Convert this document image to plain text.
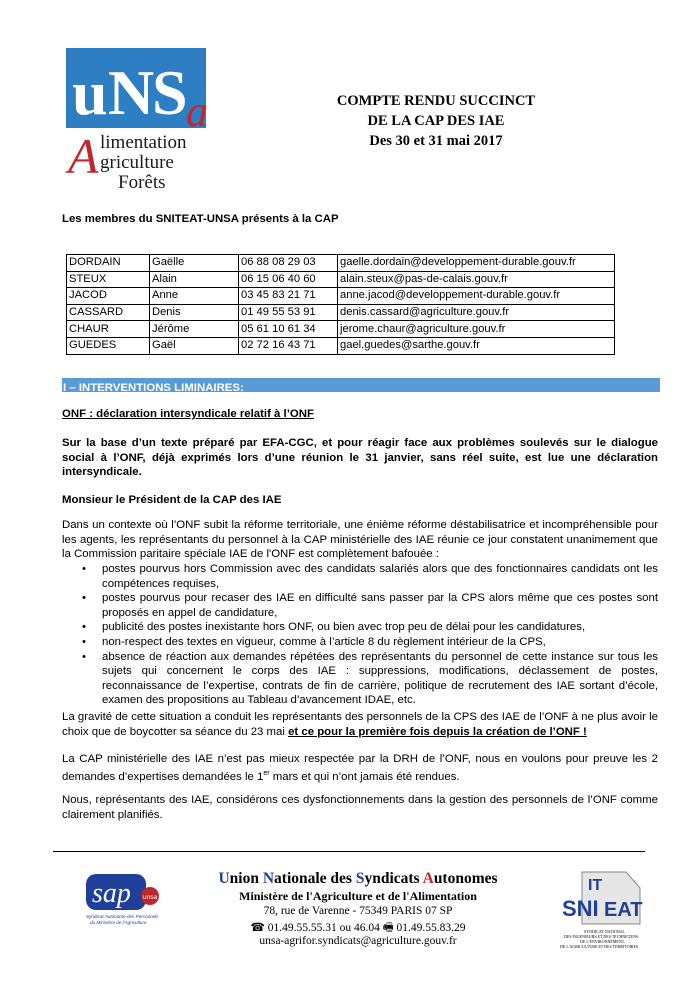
u N
S
a
A limentation
griculture
Forêts
COMPTE RENDU SUCCINCT
DE LA CAP DES IAE
Des 30 et 31 mai 2017
Les membres du SNITEAT-UNSA présents à la CAP
DORDAIN	Gaëlle	06 88 08 29 03	gaelle.dordain@developpement-durable.gouv.fr
STEUX	Alain	06 15 06 40 60	alain.steux@pas-de-calais.gouv.fr
JACOD	Anne	03 45 83 21 71	anne.jacod@developpement-durable.gouv.fr
CASSARD	Denis	01 49 55 53 91	denis.cassard@agriculture.gouv.fr
CHAUR	Jérôme	05 61 10 61 34	jerome.chaur@agriculture.gouv.fr
GUEDES	Gaël	02 72 16 43 71	gael.guedes@sarthe.gouv.fr
I – INTERVENTIONS LIMINAIRES:
ONF : déclaration intersyndicale relatif à l’ONF
Sur la base d’un texte préparé par EFA-CGC, et pour réagir face aux problèmes soulevés sur le dialogue social à l’ONF, déjà exprimés lors d’une réunion le 31 janvier, sans réel suite, est lue une déclaration intersyndicale.
Monsieur le Président de la CAP des IAE
Dans un contexte où l’ONF subit la réforme territoriale, une énième réforme déstabilisatrice et incompréhensible pour les agents, les représentants du personnel à la CAP ministérielle des IAE réunie ce jour constatent unanimement que la Commission paritaire spéciale IAE de l'ONF est complètement bafouée :
• postes pourvus hors Commission avec des candidats salariés alors que des fonctionnaires candidats ont les compétences requises,
• postes pourvus pour recaser des IAE en difficulté sans passer par la CPS alors même que ces postes sont proposés en appel de candidature,
• publicité des postes inexistante hors ONF, ou bien avec trop peu de délai pour les candidatures,
• non-respect des textes en vigueur, comme à l’article 8 du règlement intérieur de la CPS,
• absence de réaction aux demandes répétées des représentants du personnel de cette instance sur tous les sujets qui concernent le corps des IAE : suppressions, modifications, déclassement de postes, reconnaissance de l’expertise, contrats de fin de carrière, politique de recrutement des IAE sortant d’école, examen des propositions au Tableau d’avancement IDAE, etc.
La gravité de cette situation a conduit les représentants des personnels de la CPS des IAE de l’ONF à ne plus avoir le choix que de boycotter sa séance du 23 mai et ce pour la première fois depuis la création de l’ONF !
La CAP ministérielle des IAE n’est pas mieux respectée par la DRH de l’ONF, nous en voulons pour preuve les 2 demandes d’expertises demandées le 1er mars et qui n’ont jamais été rendues.
Nous, représentants des IAE, considérons ces dysfonctionnements dans la gestion des personnels de l’ONF comme clairement planifiés.
sap unsa
Syndicat Autonome des Personnels
du Ministère de l'Agriculture
Union Nationale des Syndicats Autonomes
Ministère de l'Agriculture et de l'Alimentation
78, rue de Varenne - 75349 PARIS 07 SP
☎ 01.49.55.55.31 ou 46.04 🖷 01.49.55.83.29
unsa-agrifor.syndicats@agriculture.gouv.fr
IT
SNI EAT
SYNDICAT NATIONAL
DES INGENIEURS ET DES TECHNICIENS
DE L'ENVIRONNEMENT,
DE L'AGRICULTURE ET DES TERRITOIRES
